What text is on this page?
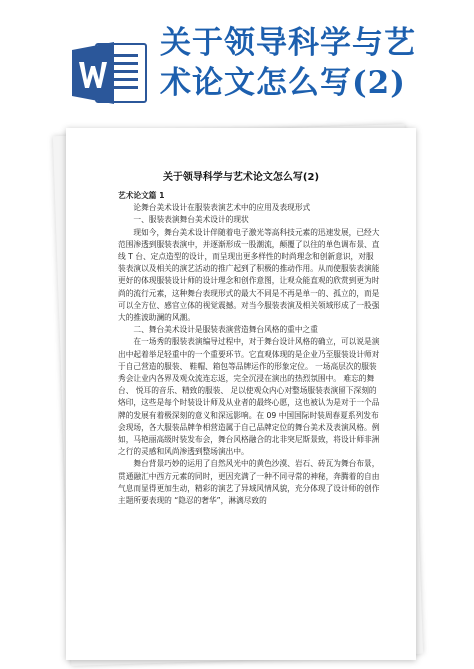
关于领导科学与艺
术论文怎么写(2)
关于领导科学与艺术论文怎么写(2)

艺术论文篇 1

论舞台美术设计在服装表演艺术中的应用及表现形式

一、服装表演舞台美术设计的现状

现如今，舞台美术设计伴随着电子激光等高科技元素的迅速发展，已经大范围渗透到服装表演中，并逐渐形成一股潮流，颠覆了以往的单色调布景、直线 T 台、定点造型的设计，而呈现出更多样性的时尚理念和创新意识，对服装表演以及相关的演艺活动的推广起到了积极的推动作用。从而使服装表演能更好的体现服装设计师的设计理念和创作意图，让观众能直观的欣赏到更为时尚的流行元素，这种舞台表现形式的最大不同是不再是单一的、孤立的，而是可以全方位、感官立体的视觉震撼。对当今服装表演及相关领域形成了一股强大的推波助澜的风潮。

二、舞台美术设计是服装表演营造舞台风格的重中之重

在一场秀的服装表演编导过程中，对于舞台设计风格的确立，可以说是演出中起着举足轻重中的一个重要环节。它直观体现的是企业乃至服装设计师对于自己营造的服装、 鞋帽、箱包等品牌运作的形象定位。 一场高层次的服装秀会让业内各界及观众流连忘返，完全沉浸在演出的热烈氛围中。 难忘的舞台、 悦耳的音乐、精致的服装、 足以使观众内心对整场服装表演留下深刻的烙印，这些是每个时装设计师及从业者的最终心愿，这也被认为是对于一个品牌的发展有着极深刻的意义和深远影响。在 09 中国国际时装周春夏系列发布会现场，各大服装品牌争相营造属于自己品牌定位的舞台美术及表演风格。例如，马艳丽高级时装发布会，舞台风格融合的北非突尼斯景致，将设计师非洲之行的灵感和风尚渗透到整场演出中。

舞台背景巧妙的运用了自然风光中的黄色沙漠、岩石、砖瓦为舞台布景，贯通融汇中西方元素的同时，更因充满了一种不同寻常的神秘，奔腾着的自由气息而显得更加生动，精彩的演艺了异域风情风貌，充分体现了设计师的创作主题所要表现的 “隐忍的奢华”，淋漓尽致的
